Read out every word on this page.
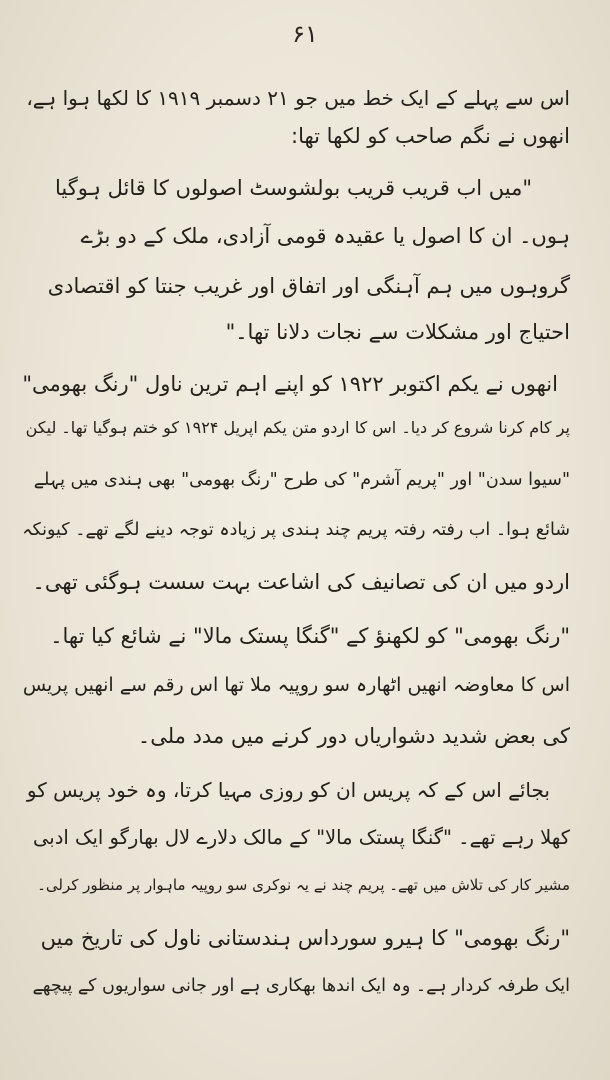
۶۱
اس سے پہلے کے ایک خط میں جو ۲۱ دسمبر ۱۹۱۹ کا لکھا ہوا ہے،
انھوں نے نگم صاحب کو لکھا تھا:
"میں اب قریب قریب بولشوسٹ اصولوں کا قائل ہوگیا
ہوں۔ ان کا اصول یا عقیدہ قومی آزادی، ملک کے دو بڑے
گروہوں میں ہم آہنگی اور اتفاق اور غریب جنتا کو اقتصادی
احتیاج اور مشکلات سے نجات دلانا تھا۔"
انھوں نے یکم اکتوبر ۱۹۲۲ کو اپنے اہم ترین ناول "رنگ بھومی"
پر کام کرنا شروع کر دیا۔ اس کا اردو متن یکم اپریل ۱۹۲۴ کو ختم ہوگیا تھا۔ لیکن
"سیوا سدن" اور "پریم آشرم" کی طرح "رنگ بھومی" بھی ہندی میں پہلے
شائع ہوا۔ اب رفتہ رفتہ پریم چند ہندی پر زیادہ توجہ دینے لگے تھے۔ کیونکہ
اردو میں ان کی تصانیف کی اشاعت بہت سست ہوگئی تھی۔
"رنگ بھومی" کو لکھنؤ کے "گنگا پستک مالا" نے شائع کیا تھا۔
اس کا معاوضہ انھیں اٹھارہ سو روپیہ ملا تھا اس رقم سے انھیں پریس
کی بعض شدید دشواریاں دور کرنے میں مدد ملی۔
بجائے اس کے کہ پریس ان کو روزی مہیا کرتا، وہ خود پریس کو
کھلا رہے تھے۔ "گنگا پستک مالا" کے مالک دلارے لال بھارگو ایک ادبی
مشیر کار کی تلاش میں تھے۔ پریم چند نے یہ نوکری سو روپیہ ماہوار پر منظور کرلی۔
"رنگ بھومی" کا ہیرو سورداس ہندستانی ناول کی تاریخ میں
ایک طرفہ کردار ہے۔ وہ ایک اندھا بھکاری ہے اور جانی سواریوں کے پیچھے
